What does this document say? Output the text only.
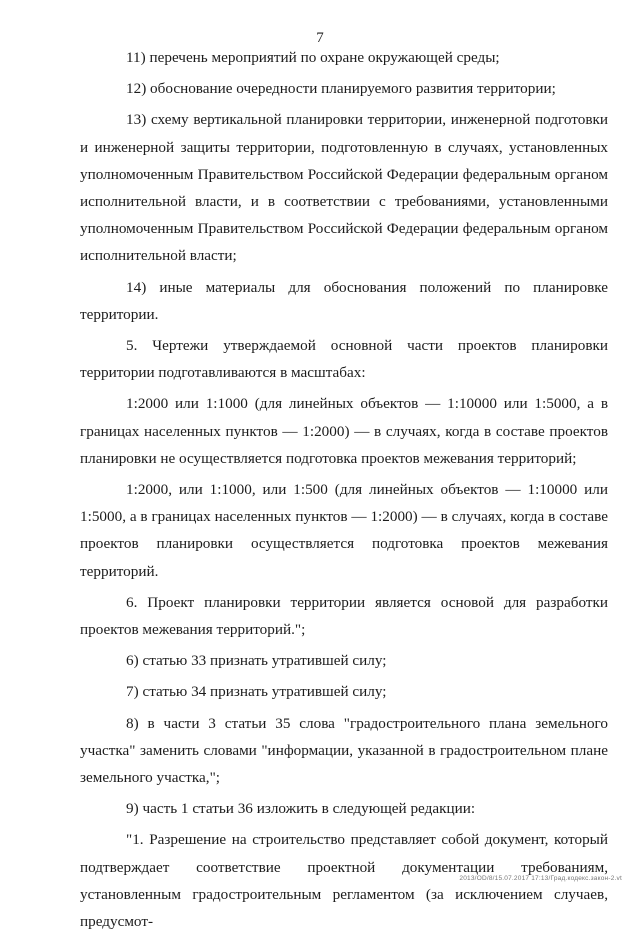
7

11) перечень мероприятий по охране окружающей среды;

12) обоснование очередности планируемого развития территории;

13) схему вертикальной планировки территории, инженерной подготовки и инженерной защиты территории, подготовленную в случаях, установленных уполномоченным Правительством Российской Федерации федеральным органом исполнительной власти, и в соответствии с требованиями, установленными уполномоченным Правительством Российской Федерации федеральным органом исполнительной власти;

14) иные материалы для обоснования положений по планировке территории.

5. Чертежи утверждаемой основной части проектов планировки территории подготавливаются в масштабах:

1:2000 или 1:1000 (для линейных объектов — 1:10000 или 1:5000, а в границах населенных пунктов — 1:2000) — в случаях, когда в составе проектов планировки не осуществляется подготовка проектов межевания территорий;

1:2000, или 1:1000, или 1:500 (для линейных объектов — 1:10000 или 1:5000, а в границах населенных пунктов — 1:2000) — в случаях, когда в составе проектов планировки осуществляется подготовка проектов межевания территорий.

6. Проект планировки территории является основой для разработки проектов межевания территорий.";

6) статью 33 признать утратившей силу;

7) статью 34 признать утратившей силу;

8) в части 3 статьи 35 слова "градостроительного плана земельного участка" заменить словами "информации, указанной в градостроительном плане земельного участка,";

9) часть 1 статьи 36 изложить в следующей редакции:

"1. Разрешение на строительство представляет собой документ, который подтверждает соответствие проектной документации требованиям, установленным градостроительным регламентом (за исключением случаев, предусмот-

2013/OD/8/15.07.2017 17:13/Град.кодекс.закон-2.vt
